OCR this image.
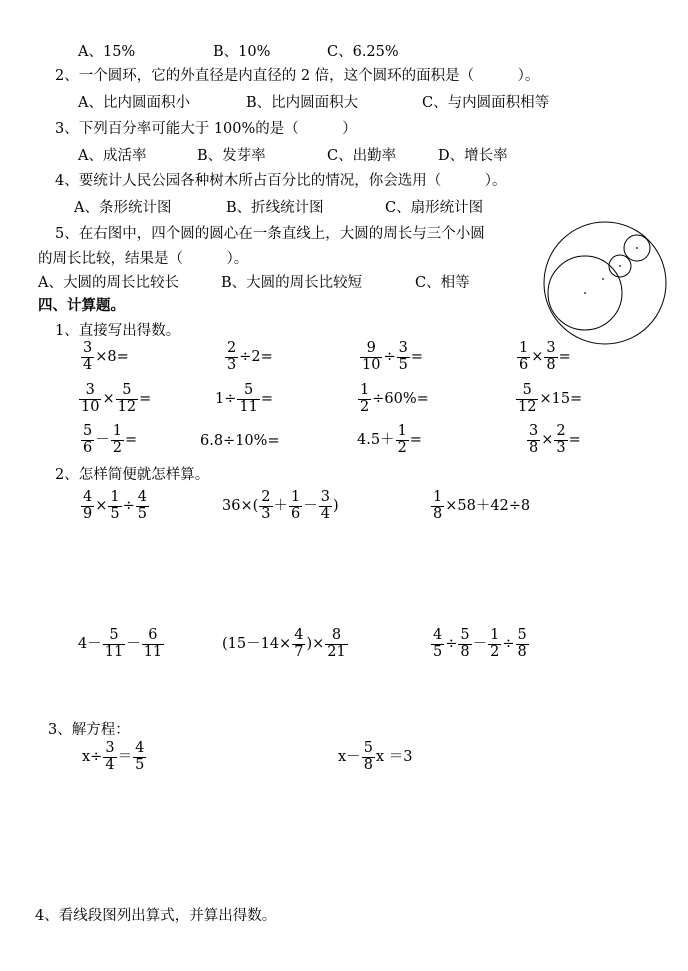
A、15%	B、10%	C、6.25%
2、一个圆环，它的外直径是内直径的 2 倍，这个圆环的面积是（　　　）。
A、比内圆面积小	B、比内圆面积大	C、与内圆面积相等
3、下列百分率可能大于 100%的是（　　　）
A、成活率	B、发芽率	C、出勤率	D、增长率
4、要统计人民公园各种树木所占百分比的情况，你会选用（　　　）。
A、条形统计图	B、折线统计图	C、扇形统计图
5、在右图中，四个圆的圆心在一条直线上，大圆的周长与三个小圆
的周长比较，结果是（　　　）。
A、大圆的周长比较长	B、大圆的周长比较短	C、相等
四、计算题。
1、直接写出得数。
2、怎样简便就怎样算。
3、解方程：
4、看线段图列出算式，并算出得数。
$\frac{3}{4} \times 8=$	$\frac{2}{3} \div 2=$	$\frac{9}{10} \div \frac{3}{5}$ =	$\frac{1}{6} \times \frac{3}{8}$ =
$\frac{3}{10} \times \frac{5}{12}$ =	$1\div \frac{5}{11}$ =	$\frac{1}{2} \div 60\%=$	$\frac{5}{12} \times 15=$
$\frac{5}{6} - \frac{1}{2}$ =	6.8÷10%=	$4.5+ \frac{1}{2}$ =	$\frac{3}{8} \times \frac{2}{3}$ =
$\frac{4}{9} \times \frac{1}{5} \div \frac{4}{5}$	$36\times( \frac{2}{3} + \frac{1}{6} - \frac{3}{4}$ )	$\frac{1}{8} \times 58+42\div 8$
$4- \frac{5}{11} - \frac{6}{11}$	($15-14\times \frac{4}{7}$ )× $\frac{8}{21}$	$\frac{4}{5} \div \frac{5}{8} - \frac{1}{2} \div \frac{5}{8}$
$x\div \frac{3}{4} = \frac{4}{5}$	$x- \frac{5}{8}$ x ＝3
